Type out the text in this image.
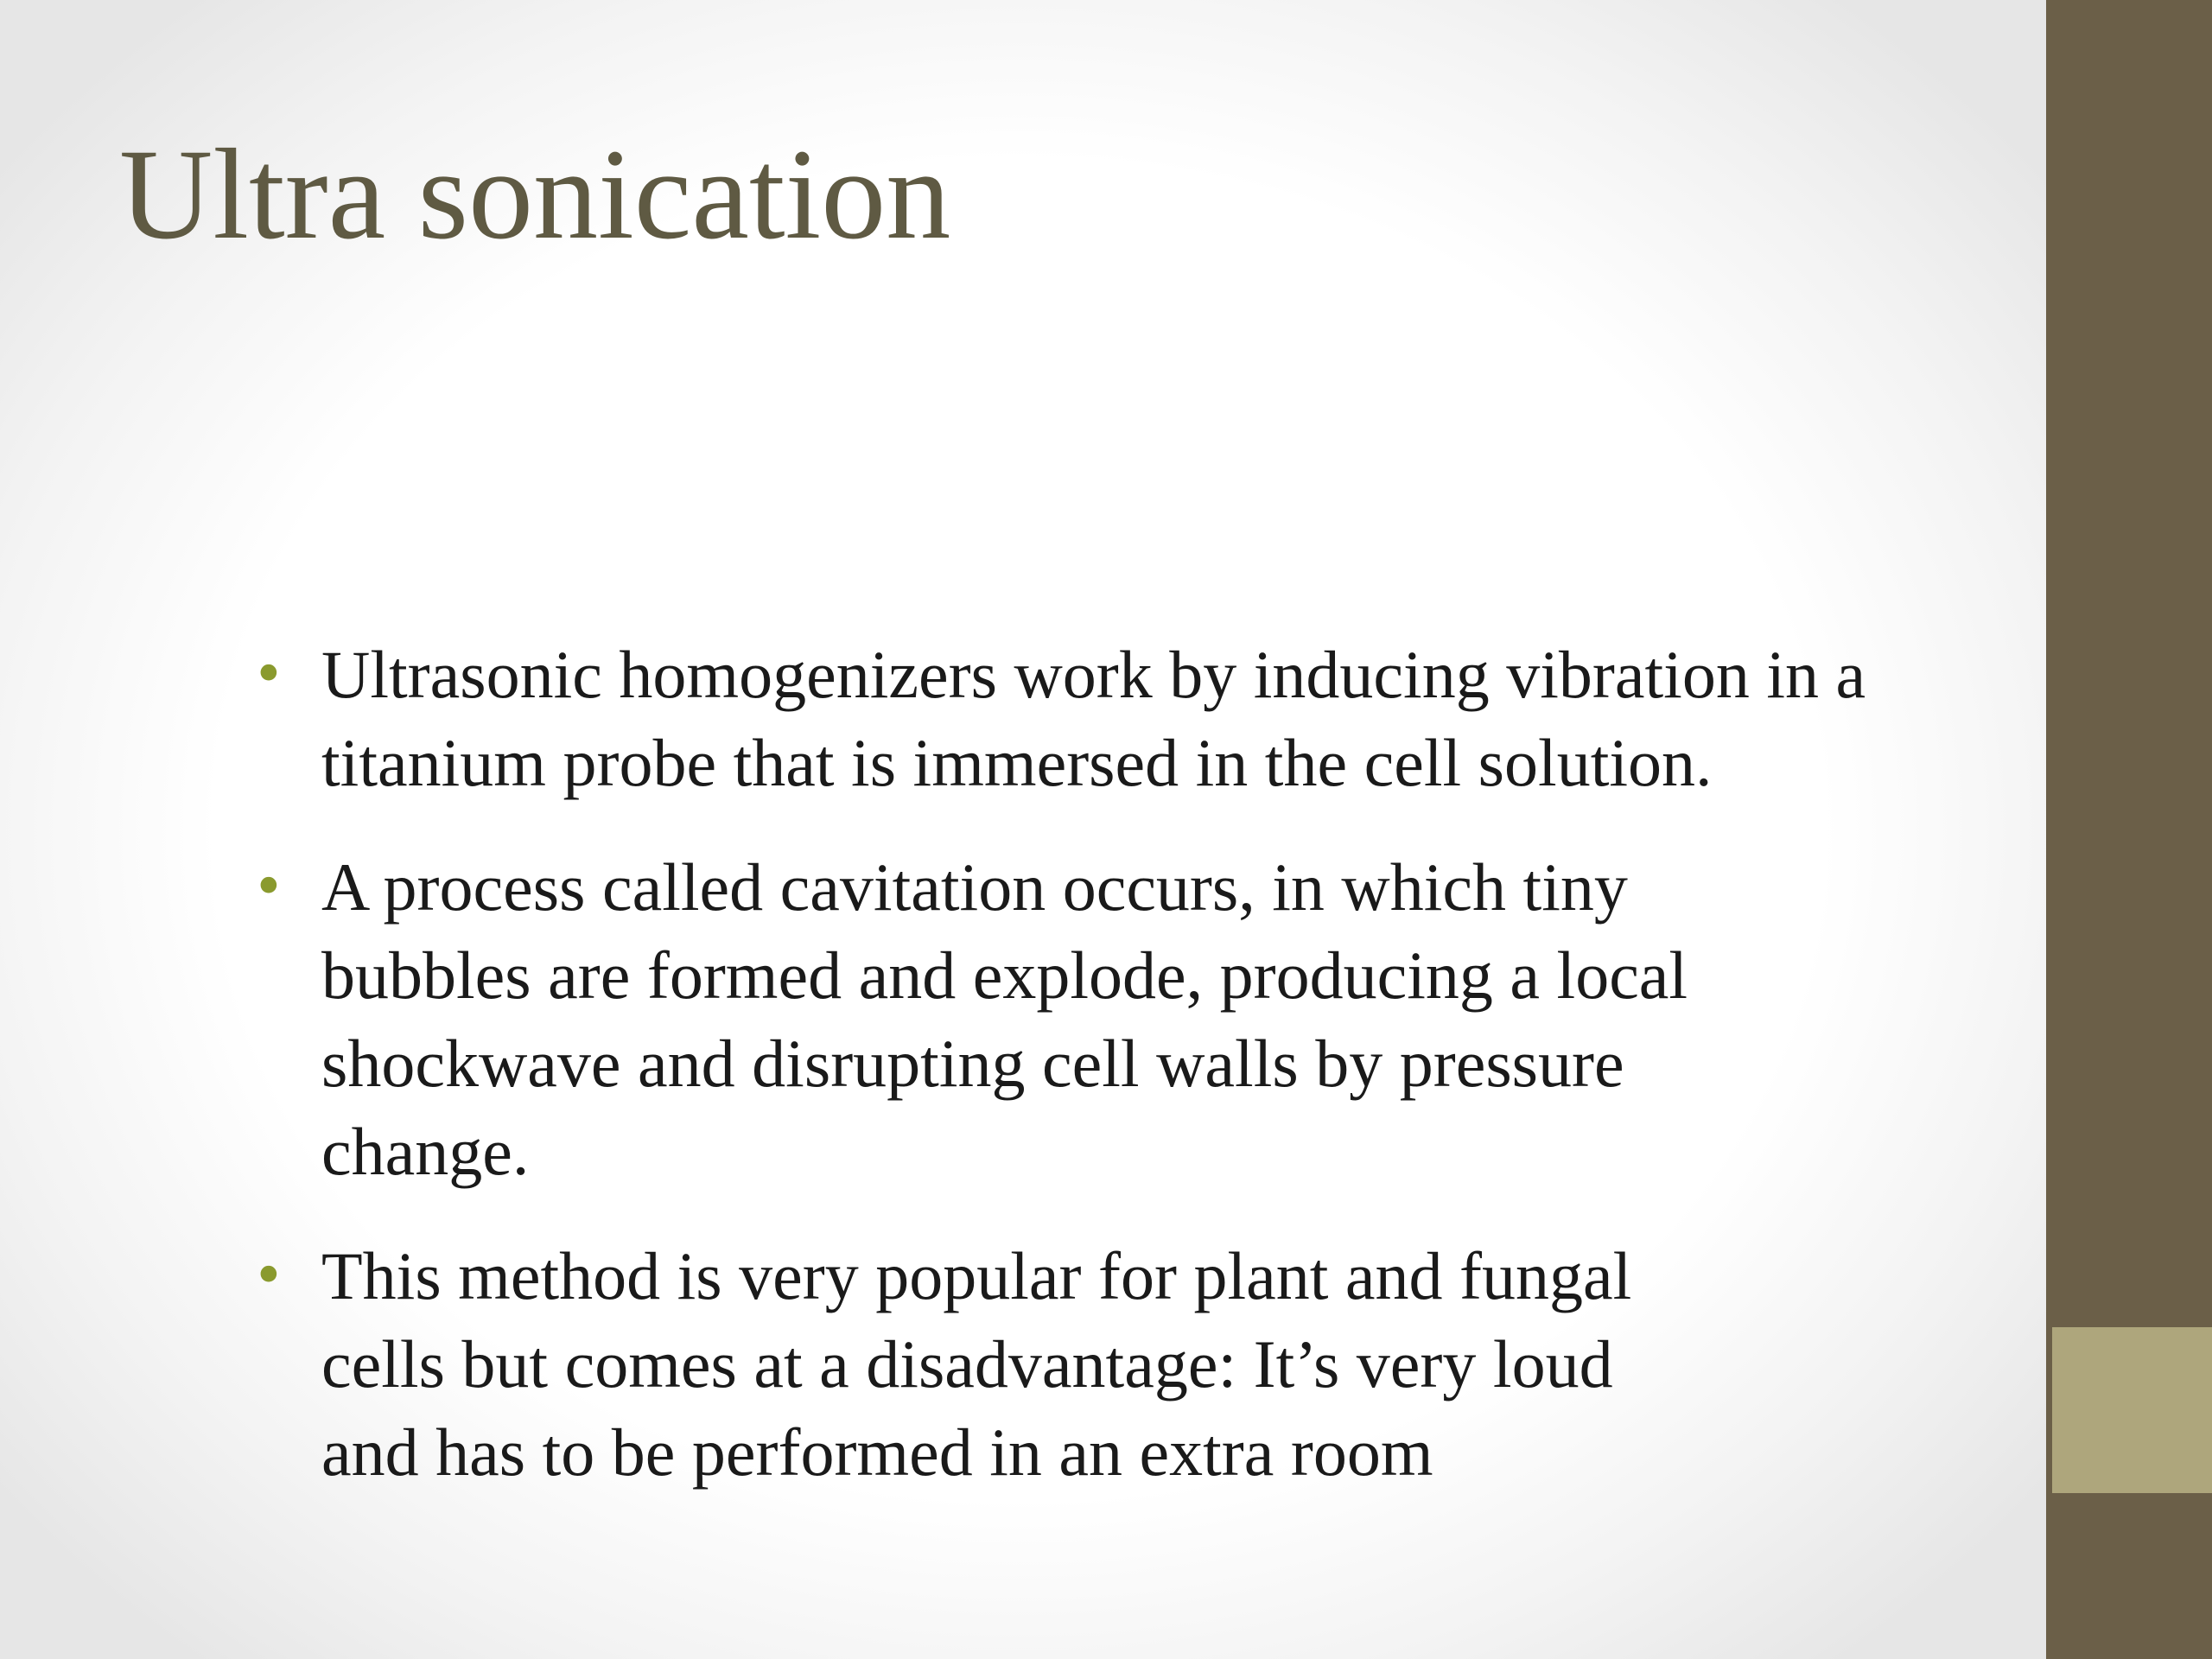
Ultra sonication
• Ultrasonic homogenizers work by inducing vibration in a
titanium probe that is immersed in the cell solution.
• A process called cavitation occurs, in which tiny
bubbles are formed and explode, producing a local
shockwave and disrupting cell walls by pressure
change.
• This method is very popular for plant and fungal
cells but comes at a disadvantage: It’s very loud
and has to be performed in an extra room
